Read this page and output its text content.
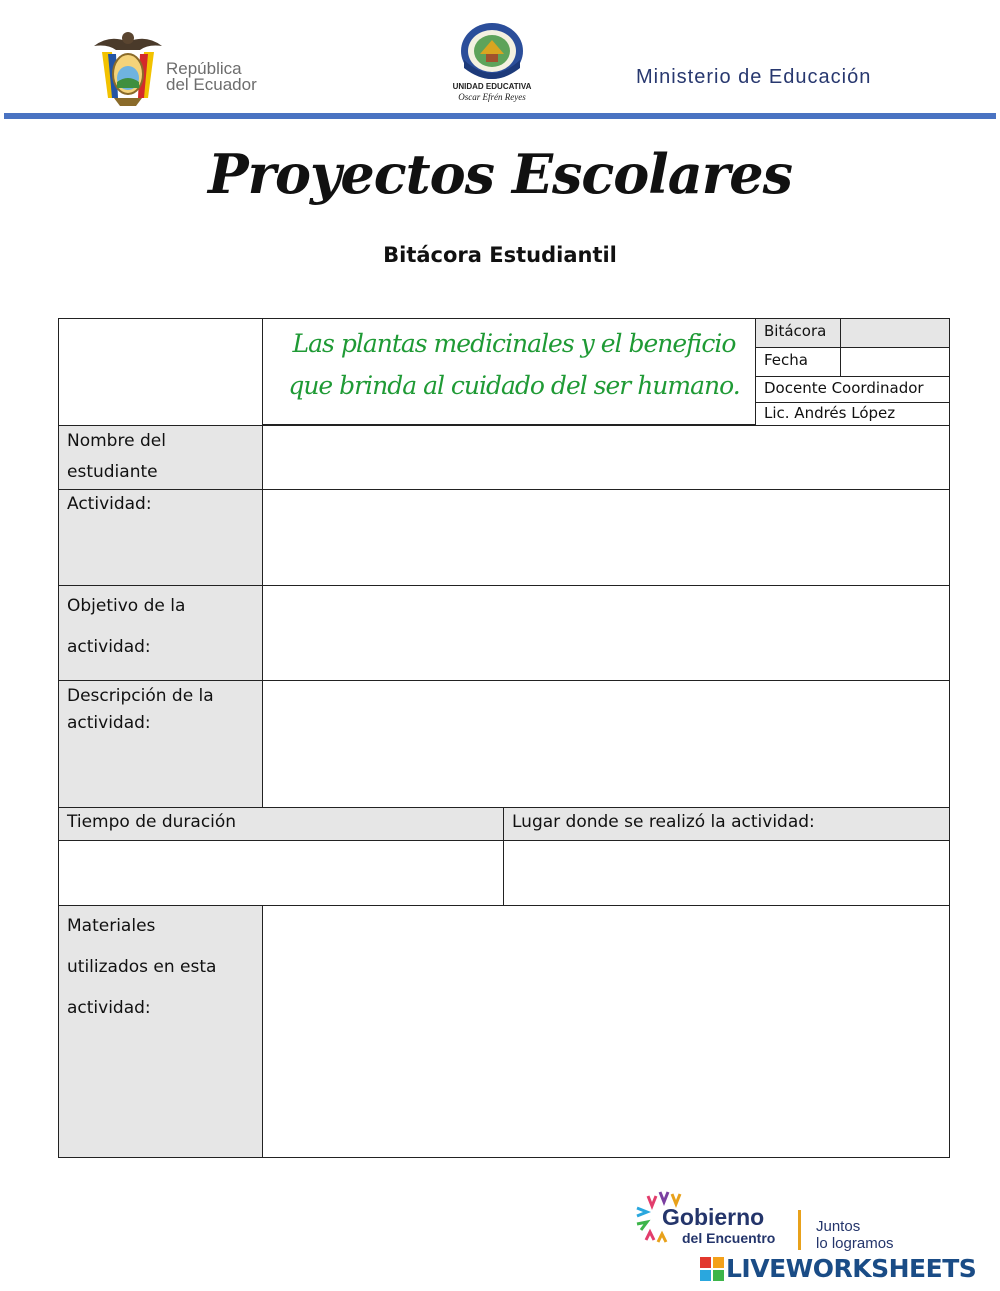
República
del Ecuador	UNIDAD EDUCATIVA
Oscar Efrén Reyes
Ministerio de Educación
Proyectos Escolares
Bitácora Estudiantil
Las plantas medicinales y el beneficio que brinda al cuidado del ser humano.
Bitácora
Fecha
Docente Coordinador
Lic. Andrés López
Nombre del
estudiante
Actividad:
Objetivo de la
actividad:
Descripción de la
actividad:
Tiempo de duración	Lugar donde se realizó la actividad:
Materiales
utilizados en esta
actividad:
Gobierno
del Encuentro
Juntos
lo logramos
LIVEWORKSHEETS
